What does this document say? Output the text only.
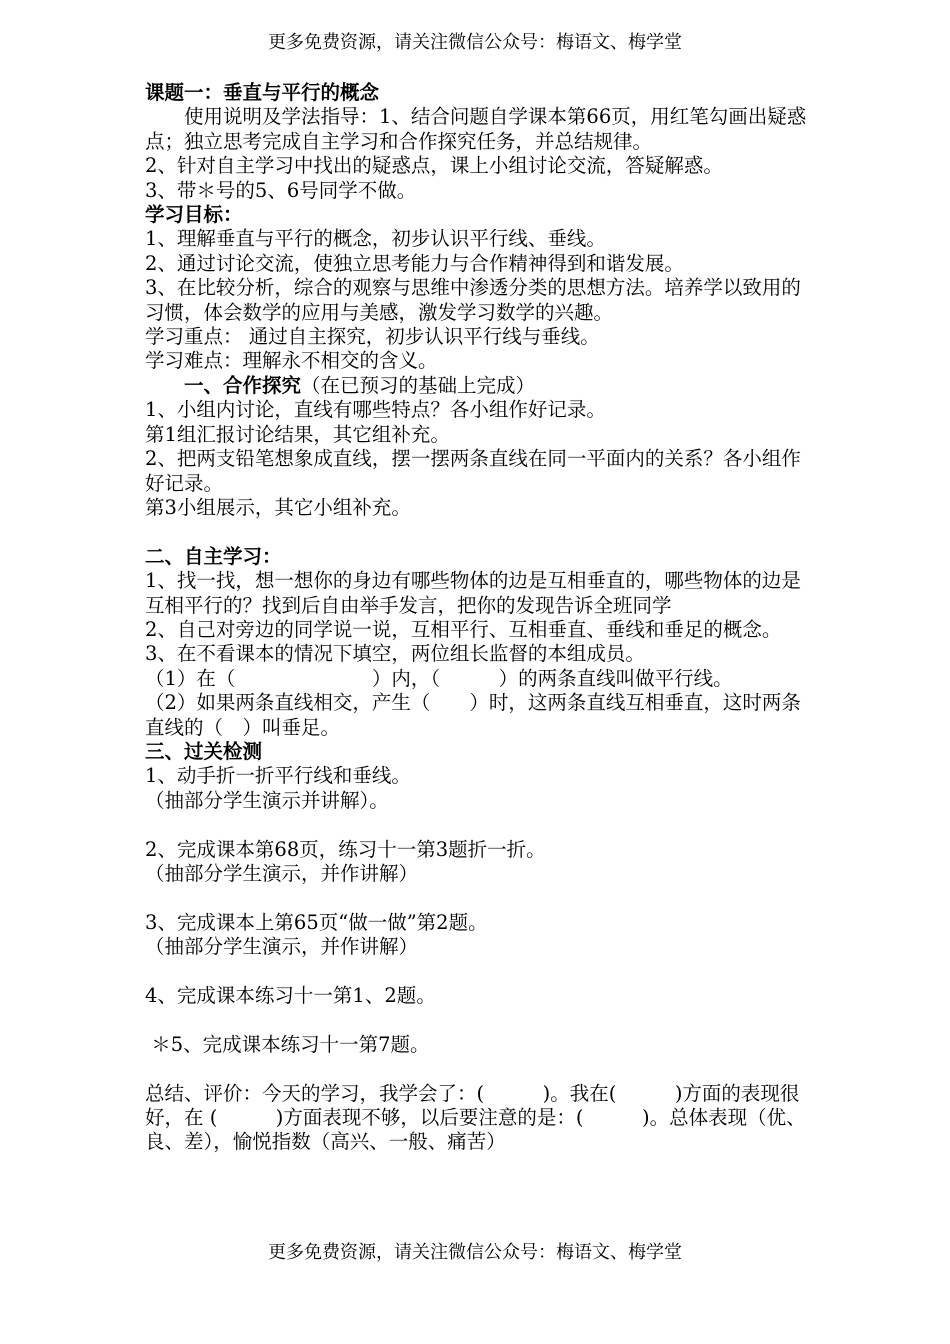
更多免费资源，请关注微信公众号：梅语文、梅学堂

课题一：垂直与平行的概念

使用说明及学法指导：1、结合问题自学课本第66页，用红笔勾画出疑惑点；独立思考完成自主学习和合作探究任务，并总结规律。

2、针对自主学习中找出的疑惑点，课上小组讨论交流，答疑解惑。

3、带＊号的5、6号同学不做。

学习目标：

1、理解垂直与平行的概念，初步认识平行线、垂线。

2、通过讨论交流，使独立思考能力与合作精神得到和谐发展。

3、在比较分析，综合的观察与思维中渗透分类的思想方法。培养学以致用的习惯，体会数学的应用与美感，激发学习数学的兴趣。

学习重点： 通过自主探究，初步认识平行线与垂线。

学习难点：理解永不相交的含义。

一、合作探究（在已预习的基础上完成）

1、小组内讨论，直线有哪些特点？各小组作好记录。

第1组汇报讨论结果，其它组补充。

2、把两支铅笔想象成直线，摆一摆两条直线在同一平面内的关系？各小组作好记录。

第3小组展示，其它小组补充。

二、自主学习：

1、找一找，想一想你的身边有哪些物体的边是互相垂直的，哪些物体的边是互相平行的？找到后自由举手发言，把你的发现告诉全班同学

2、自己对旁边的同学说一说，互相平行、互相垂直、垂线和垂足的概念。

3、在不看课本的情况下填空，两位组长监督的本组成员。

（1）在（　　　　　　　）内，（　　　）的两条直线叫做平行线。

（2）如果两条直线相交，产生（　　）时，这两条直线互相垂直，这时两条直线的（　）叫垂足。

三、过关检测

1、动手折一折平行线和垂线。

（抽部分学生演示并讲解）。

2、完成课本第68页，练习十一第3题折一折。

（抽部分学生演示，并作讲解）

3、完成课本上第65页“做一做”第2题。

（抽部分学生演示，并作讲解）

4、完成课本练习十一第1、2题。

＊5、完成课本练习十一第7题。

总结、评价：今天的学习，我学会了：(　　　)。我在(　　　)方面的表现很好，在 (　　　)方面表现不够，以后要注意的是：(　　　)。总体表现（优、良、差），愉悦指数（高兴、一般、痛苦）

更多免费资源，请关注微信公众号：梅语文、梅学堂
